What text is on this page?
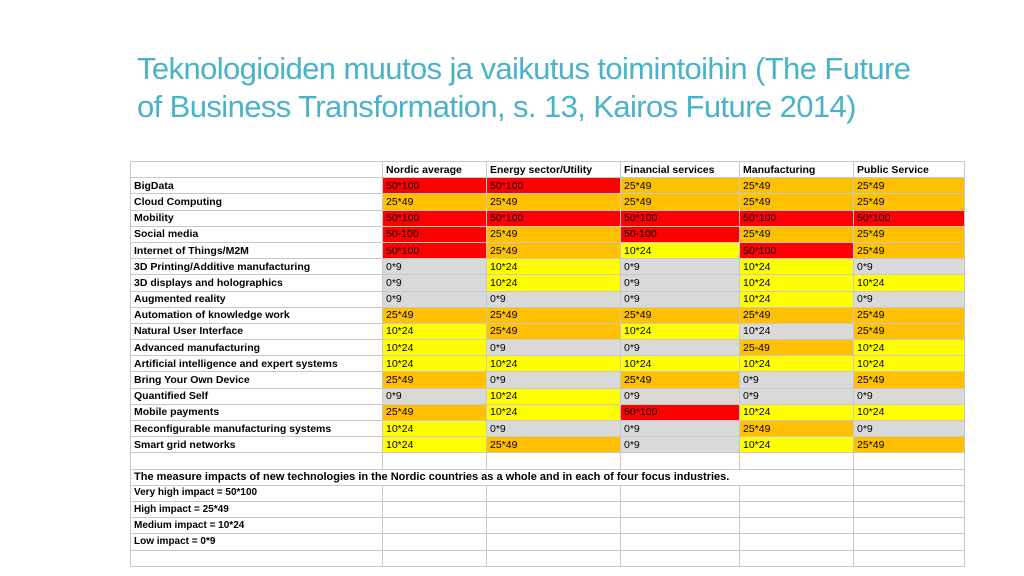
Teknologioiden muutos ja vaikutus toimintoihin (The Future
of Business Transformation, s. 13, Kairos Future 2014)
	Nordic average	Energy sector/Utility	Financial services	Manufacturing	Public Service
BigData	50*100	50*100	25*49	25*49	25*49
Cloud Computing	25*49	25*49	25*49	25*49	25*49
Mobility	50*100	50*100	50*100	50*100	50*100
Social media	50-100	25*49	50-100	25*49	25*49
Internet of Things/M2M	50*100	25*49	10*24	50*100	25*49
3D Printing/Additive manufacturing	0*9	10*24	0*9	10*24	0*9
3D displays and holographics	0*9	10*24	0*9	10*24	10*24
Augmented reality	0*9	0*9	0*9	10*24	0*9
Automation of knowledge work	25*49	25*49	25*49	25*49	25*49
Natural User Interface	10*24	25*49	10*24	10*24	25*49
Advanced manufacturing	10*24	0*9	0*9	25-49	10*24
Artificial intelligence and expert systems	10*24	10*24	10*24	10*24	10*24
Bring Your Own Device	25*49	0*9	25*49	0*9	25*49
Quantified Self	0*9	10*24	0*9	0*9	0*9
Mobile payments	25*49	10*24	50*100	10*24	10*24
Reconfigurable manufacturing systems	10*24	0*9	0*9	25*49	0*9
Smart grid networks	10*24	25*49	0*9	10*24	25*49

The measure impacts of new technologies in the Nordic countries as a whole and in each of four focus industries.					
Very high impact = 50*100					
High impact = 25*49					
Medium impact = 10*24					
Low impact = 0*9					
